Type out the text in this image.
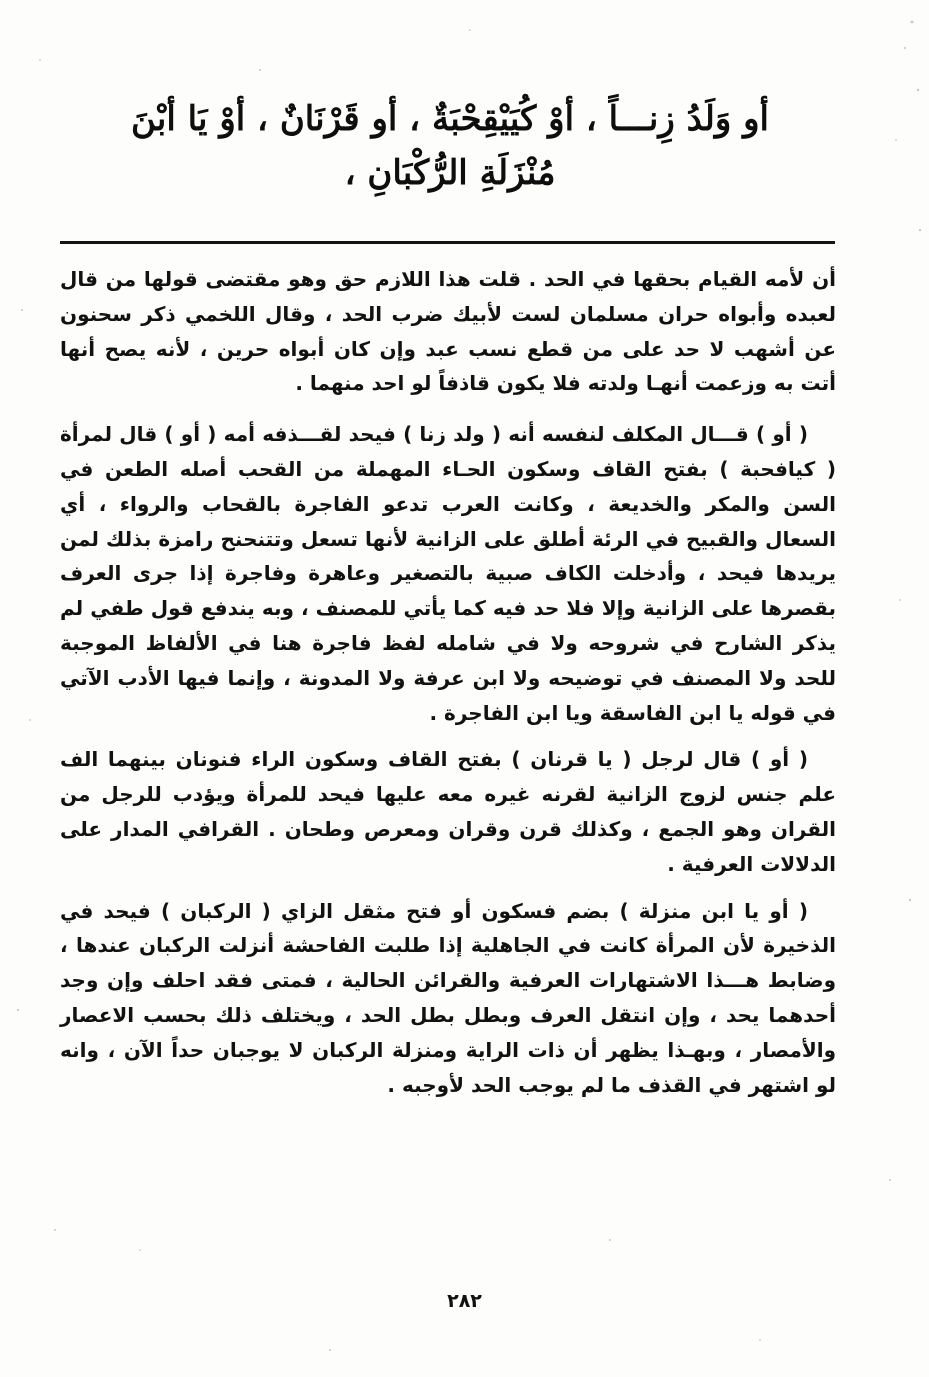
أو وَلَدُ زِنـــاً ، أوْ كُيَيْقِحْبَةٌ ، أو قَرْنَانٌ ، أوْ يَا أبْنَ
مُنْزَلَةِ الرُّكْبَانِ ،

أن لأمه القيام بحقها في الحد . قلت هذا اللازم حق وهو مقتضى قولها من قال لعبده وأبواه حران مسلمان لست لأبيك ضرب الحد ، وقال اللخمي ذكر سحنون عن أشهب لا حد على من قطع نسب عبد وإن كان أبواه حرين ، لأنه يصح أنها أتت به وزعمت أنهـا ولدته فلا يكون قاذفاً لو احد منهما .

( أو ) قـــال المكلف لنفسه أنه ( ولد زنا ) فيحد لقـــذفه أمه ( أو ) قال لمرأة ( كيافحبة ) بفتح القاف وسكون الحـاء المهملة من القحب أصله الطعن في السن والمكر والخديعة ، وكانت العرب تدعو الفاجرة بالقحاب والرواء ، أي السعال والقبيح في الرئة أطلق على الزانية لأنها تسعل وتتنحنح رامزة بذلك لمن يريدها فيحد ، وأدخلت الكاف صبية بالتصغير وعاهرة وفاجرة إذا جرى العرف بقصرها على الزانية وإلا فلا حد فيه كما يأتي للمصنف ، وبه يندفع قول طفي لم يذكر الشارح في شروحه ولا في شامله لفظ فاجرة هنا في الألفاظ الموجبة للحد ولا المصنف في توضيحه ولا ابن عرفة ولا المدونة ، وإنما فيها الأدب الآتي في قوله يا ابن الفاسقة ويا ابن الفاجرة .

( أو ) قال لرجل ( يا قرنان ) بفتح القاف وسكون الراء فنونان بينهما الف علم جنس لزوج الزانية لقرنه غيره معه عليها فيحد للمرأة ويؤدب للرجل من القران وهو الجمع ، وكذلك قرن وقران ومعرص وطحان . القرافي المدار على الدلالات العرفية .

( أو يا ابن منزلة ) بضم فسكون أو فتح مثقل الزاي ( الركبان ) فيحد في الذخيرة لأن المرأة كانت في الجاهلية إذا طلبت الفاحشة أنزلت الركبان عندها ، وضابط هـــذا الاشتهارات العرفية والقرائن الحالية ، فمتى فقد احلف وإن وجد أحدهما يحد ، وإن انتقل العرف وبطل بطل الحد ، ويختلف ذلك بحسب الاعصار والأمصار ، وبهـذا يظهر أن ذات الراية ومنزلة الركبان لا يوجبان حداً الآن ، وانه لو اشتهر في القذف ما لم يوجب الحد لأوجبه .

٢٨٢
